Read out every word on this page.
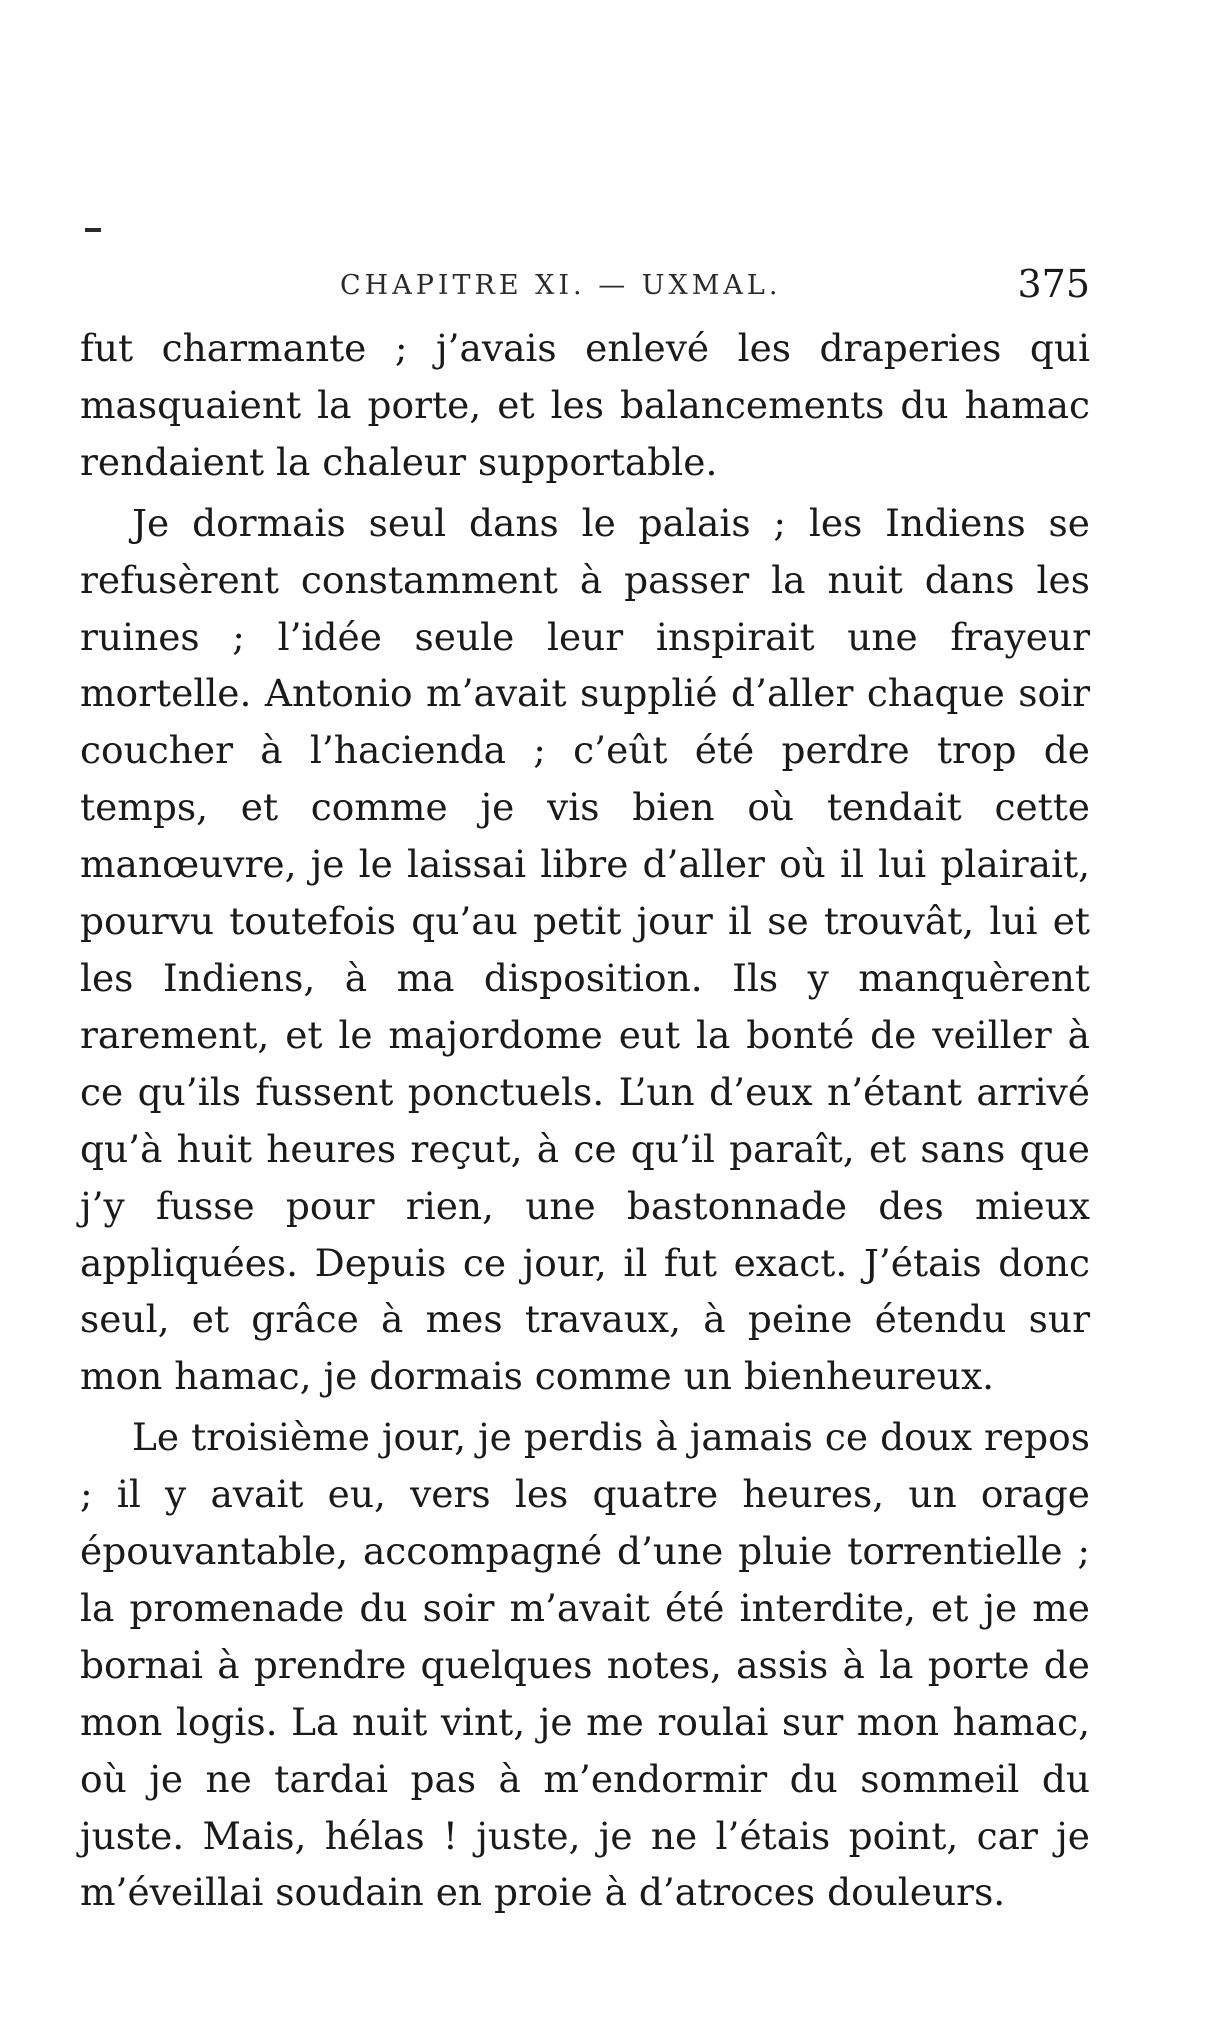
CHAPITRE XI. — UXMAL.	375

fut charmante ; j’avais enlevé les draperies qui masquaient la porte, et les balancements du hamac rendaient la chaleur supportable.

Je dormais seul dans le palais ; les Indiens se refusèrent constamment à passer la nuit dans les ruines ; l’idée seule leur inspirait une frayeur mortelle. Antonio m’avait supplié d’aller chaque soir coucher à l’hacienda ; c’eût été perdre trop de temps, et comme je vis bien où tendait cette manœuvre, je le laissai libre d’aller où il lui plairait, pourvu toutefois qu’au petit jour il se trouvât, lui et les Indiens, à ma disposition. Ils y manquèrent rarement, et le majordome eut la bonté de veiller à ce qu’ils fussent ponctuels. L’un d’eux n’étant arrivé qu’à huit heures reçut, à ce qu’il paraît, et sans que j’y fusse pour rien, une bastonnade des mieux appliquées. Depuis ce jour, il fut exact. J’étais donc seul, et grâce à mes travaux, à peine étendu sur mon hamac, je dormais comme un bienheureux.

Le troisième jour, je perdis à jamais ce doux repos ; il y avait eu, vers les quatre heures, un orage épouvantable, accompagné d’une pluie torrentielle ; la promenade du soir m’avait été interdite, et je me bornai à prendre quelques notes, assis à la porte de mon logis. La nuit vint, je me roulai sur mon hamac, où je ne tardai pas à m’endormir du sommeil du juste. Mais, hélas ! juste, je ne l’étais point, car je m’éveillai soudain en proie à d’atroces douleurs.
